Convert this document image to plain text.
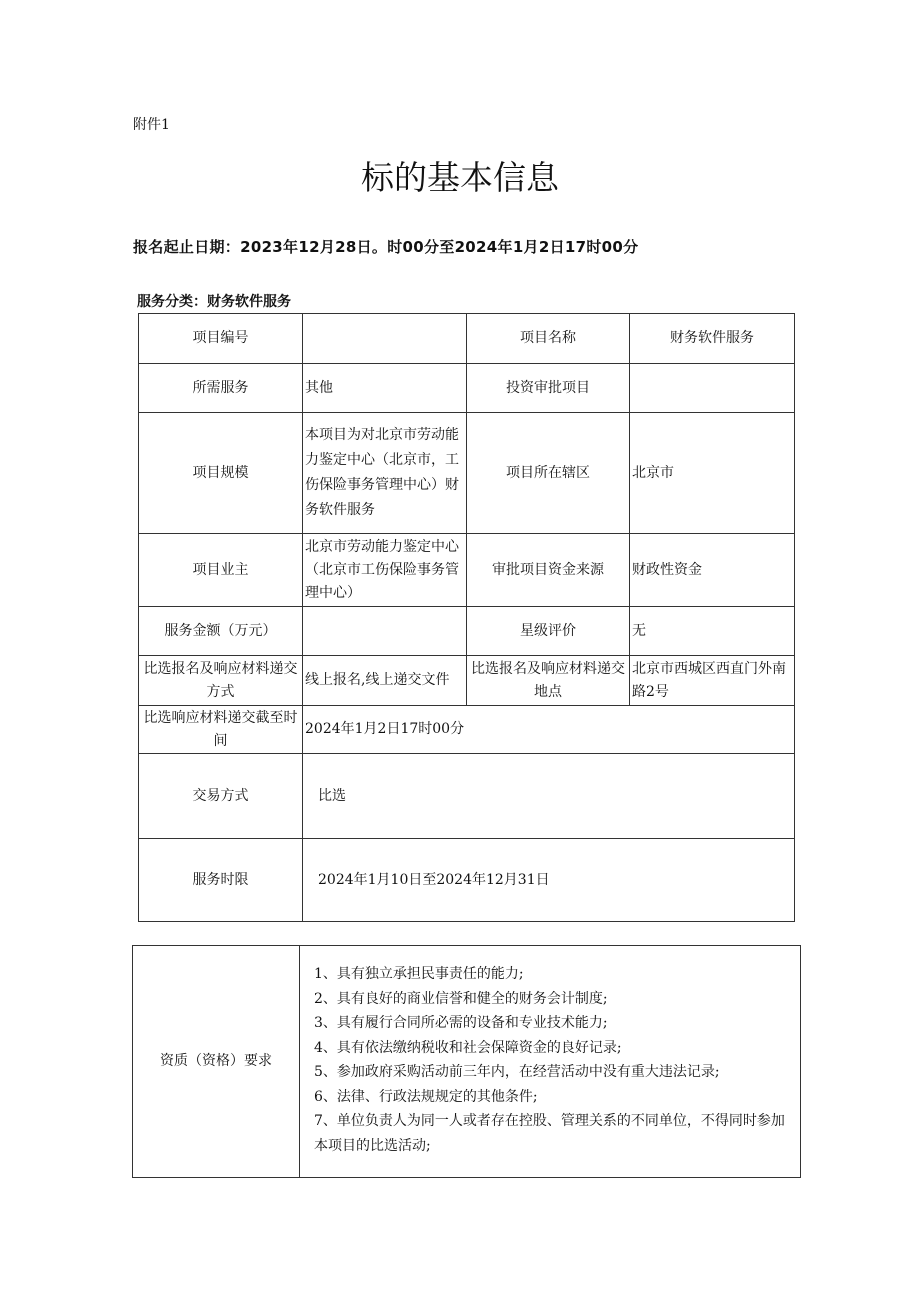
附件1
标的基本信息
报名起止日期：2023年12月28日。时00分至2024年1月2日17时00分
服务分类：财务软件服务
项目编号		项目名称	财务软件服务
所需服务	其他	投资审批项目	
项目规模	本项目为对北京市劳动能力鉴定中心（北京市，工伤保险事务管理中心）财务软件服务	项目所在辖区	北京市
项目业主	北京市劳动能力鉴定中心（北京市工伤保险事务管理中心）	审批项目资金来源	财政性资金
服务金额（万元）		星级评价	无
比选报名及响应材料递交方式	线上报名,线上递交文件	比选报名及响应材料递交地点	北京市西城区西直门外南路2号
比选响应材料递交截至时间	2024年1月2日17时00分		
交易方式	比选		
服务时限	2024年1月10日至2024年12月31日		
资质（资格）要求	
1、具有独立承担民事责任的能力;
2、具有良好的商业信誉和健全的财务会计制度;
3、具有履行合同所必需的设备和专业技术能力;
4、具有依法缴纳税收和社会保障资金的良好记录;
5、参加政府采购活动前三年内，在经营活动中没有重大违法记录;
6、法律、行政法规规定的其他条件;
7、单位负责人为同一人或者存在控股、管理关系的不同单位，不得同时参加本项目的比选活动;
